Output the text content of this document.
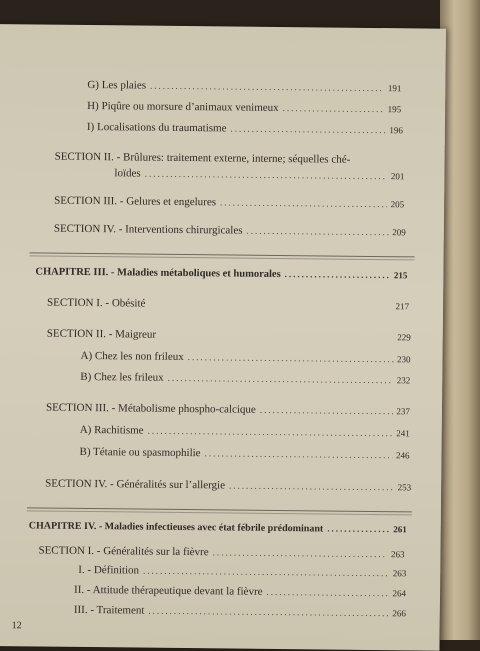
G) Les plaies .....	191
H) Piqûre ou morsure d’animaux venimeux .....	195
I) Localisations du traumatisme .....	196
SECTION II. - Brûlures: traitement externe, interne; séquelles ché-
loïdes .....	201
SECTION III. - Gelures et engelures .....	205
SECTION IV. - Interventions chirurgicales .....	209
CHAPITRE III. - Maladies métaboliques et humorales .....	215
SECTION I. - Obésité	217
SECTION II. - Maigreur	229
A) Chez les non frileux .....	230
B) Chez les frileux .....	232
SECTION III. - Métabolisme phospho-calcique .....	237
A) Rachitisme .....	241
B) Tétanie ou spasmophilie .....	246
SECTION IV. - Généralités sur l’allergie .....	253
CHAPITRE IV. - Maladies infectieuses avec état fébrile prédominant .....	261
SECTION I. - Généralités sur la fièvre .....	263
I. - Définition .....	263
II. - Attitude thérapeutique devant la fièvre .....	264
III. - Traitement .....	266
12
